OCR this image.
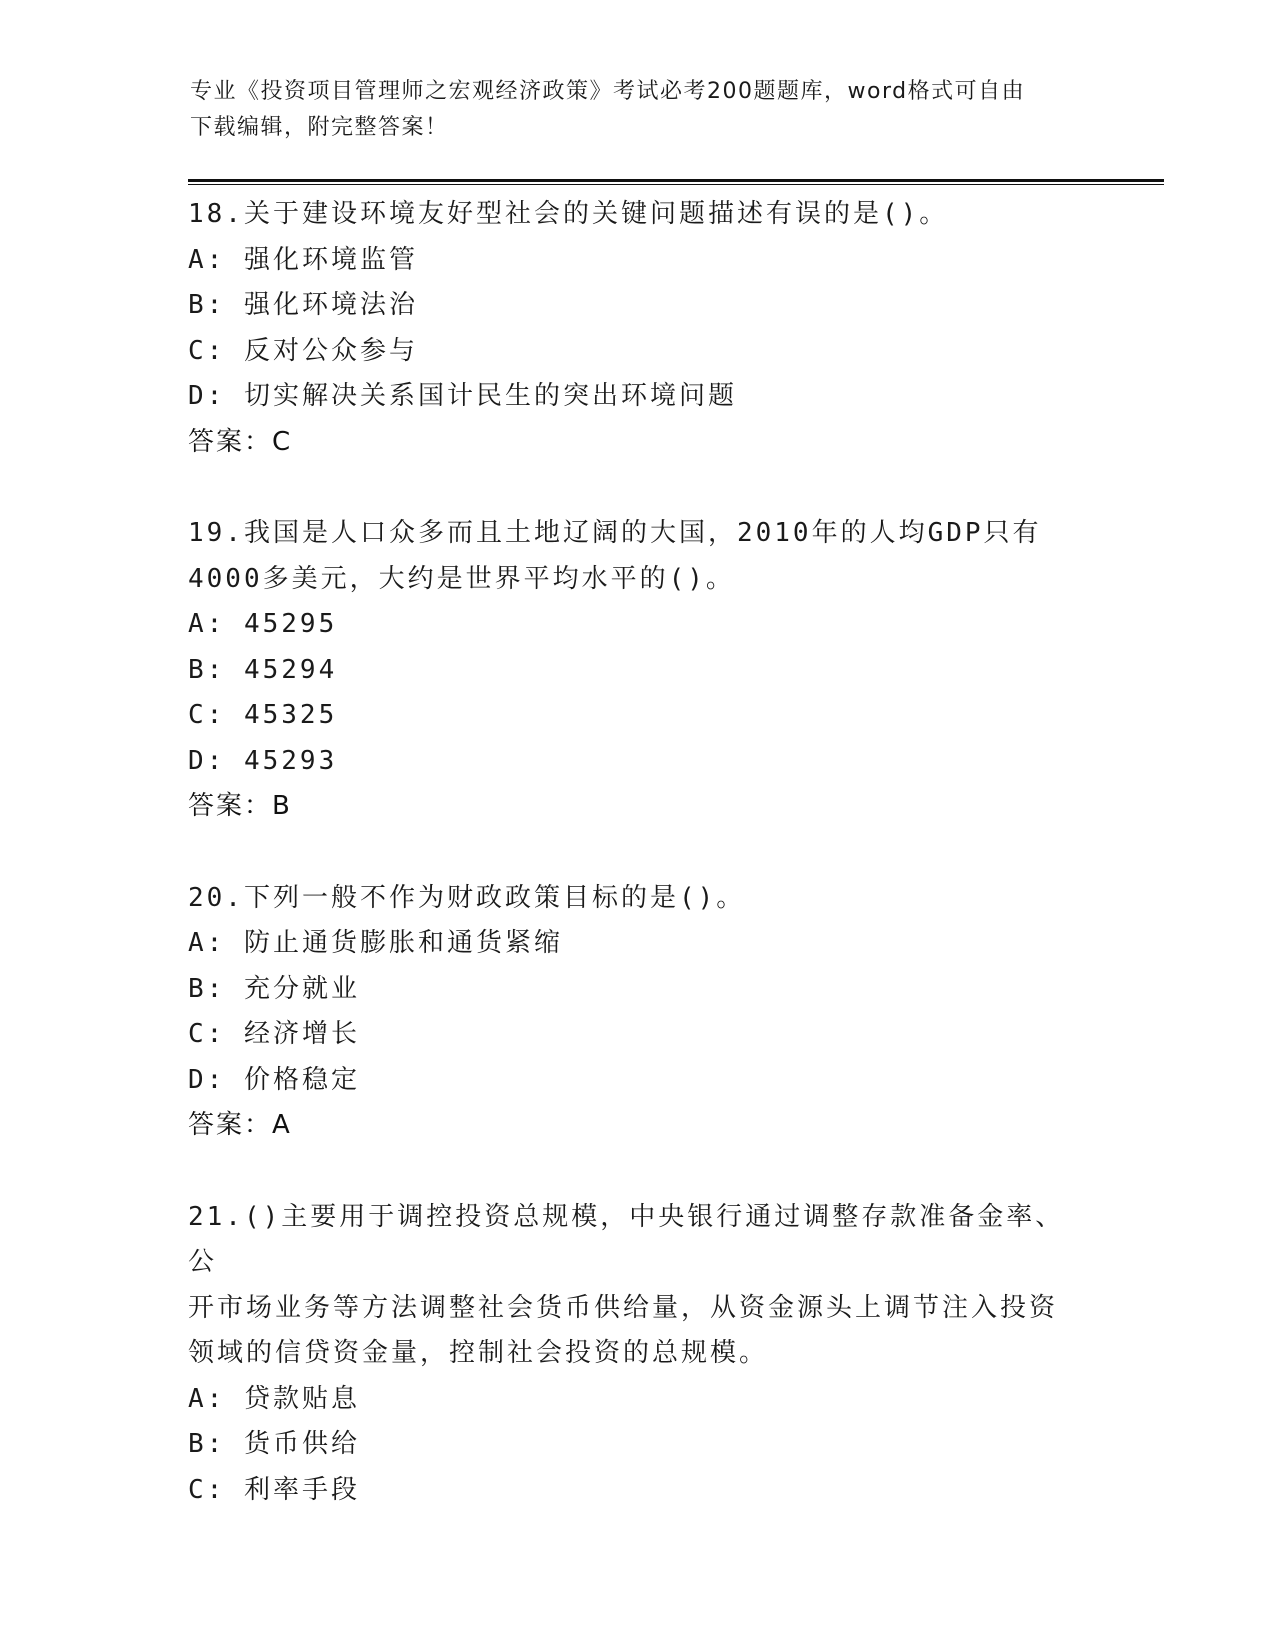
专业《投资项目管理师之宏观经济政策》考试必考200题题库，word格式可自由
下载编辑，附完整答案！
18.关于建设环境友好型社会的关键问题描述有误的是()。
A: 强化环境监管
B: 强化环境法治
C: 反对公众参与
D: 切实解决关系国计民生的突出环境问题
答案：C
19.我国是人口众多而且土地辽阔的大国，2010年的人均GDP只有
4000多美元，大约是世界平均水平的()。
A: 45295
B: 45294
C: 45325
D: 45293
答案：B
20.下列一般不作为财政政策目标的是()。
A: 防止通货膨胀和通货紧缩
B: 充分就业
C: 经济增长
D: 价格稳定
答案：A
21.()主要用于调控投资总规模，中央银行通过调整存款准备金率、公
开市场业务等方法调整社会货币供给量，从资金源头上调节注入投资
领域的信贷资金量，控制社会投资的总规模。
A: 贷款贴息
B: 货币供给
C: 利率手段
